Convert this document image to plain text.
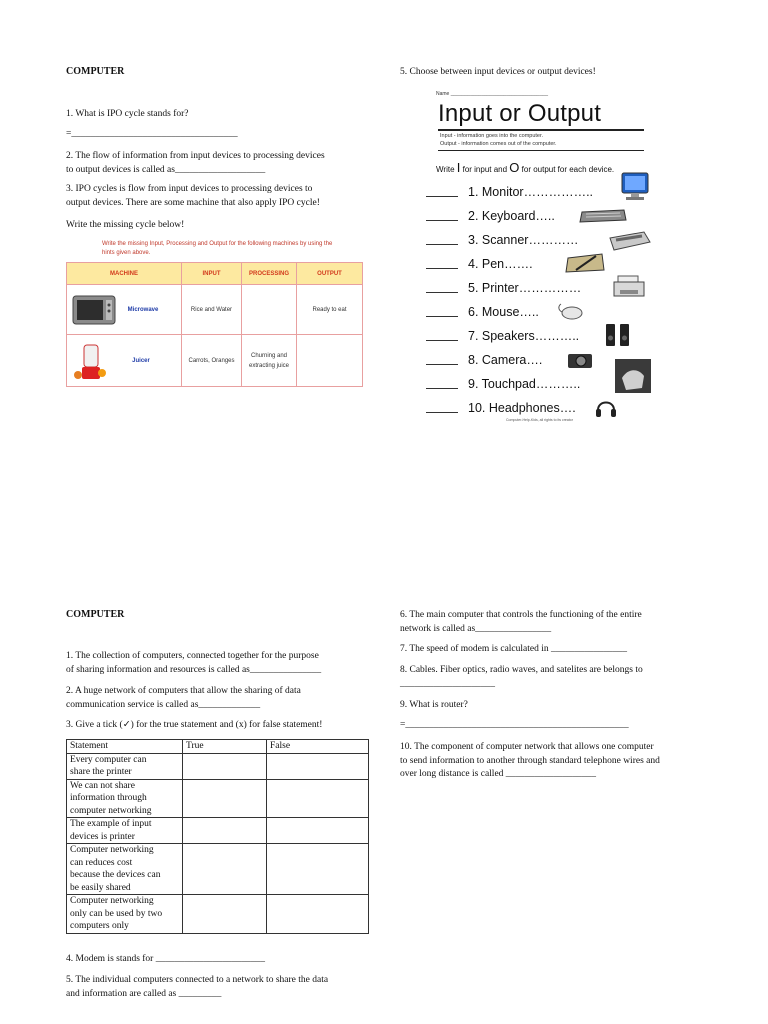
COMPUTER
1. What is IPO cycle stands for?
=___________________________________
2. The flow of information from input devices to processing devices
to output devices is called as___________________
3. IPO cycles is flow from input devices to processing devices to
output devices. There are some machine that also apply IPO cycle!
Write the missing cycle below!
Write the missing Input, Processing and Output for the following machines by using the
hints given above.
MACHINE	INPUT	PROCESSING	OUTPUT

Microwave	Rice and Water		Ready to eat

Juicer	Carrots, Oranges	Churning and extracting juice	
5. Choose between input devices or output devices!
Name ___________________________________
Input or Output
Input - information goes into the computer.
Output - information comes out of the computer.
Write I for input and O for output for each device.
1. Monitor……………..
2. Keyboard…..
3. Scanner…………
4. Pen…….
5. Printer……………
6. Mouse…..
7. Speakers………..
8. Camera….
9. Touchpad………..
10. Headphones….
Computer-Help-Kids, all rights to its creator
COMPUTER
1. The collection of computers, connected together for the purpose
of sharing information and resources is called as_______________
2. A huge network of computers that allow the sharing of data
communication service is called as_____________
3. Give a tick (✓) for the true statement and (x) for false statement!
Statement	True	False

Every computer can
share the printer		

We can not share
information through
computer networking		

The example of input
devices is printer		

Computer networking
can reduces cost
because the devices can
be easily shared		

Computer networking
only can be used by two
computers only		

4. Modem is stands for _______________________
5. The individual computers connected to a network to share the data
and information are called as _________
6. The main computer that controls the functioning of the entire
network is called as________________
7. The speed of modem is calculated in ________________
8. Cables. Fiber optics, radio waves, and satelites are belongs to
____________________
9. What is router?
=_______________________________________________
10. The component of computer network that allows one computer
to send information to another through standard telephone wires and
over long distance is called ___________________
